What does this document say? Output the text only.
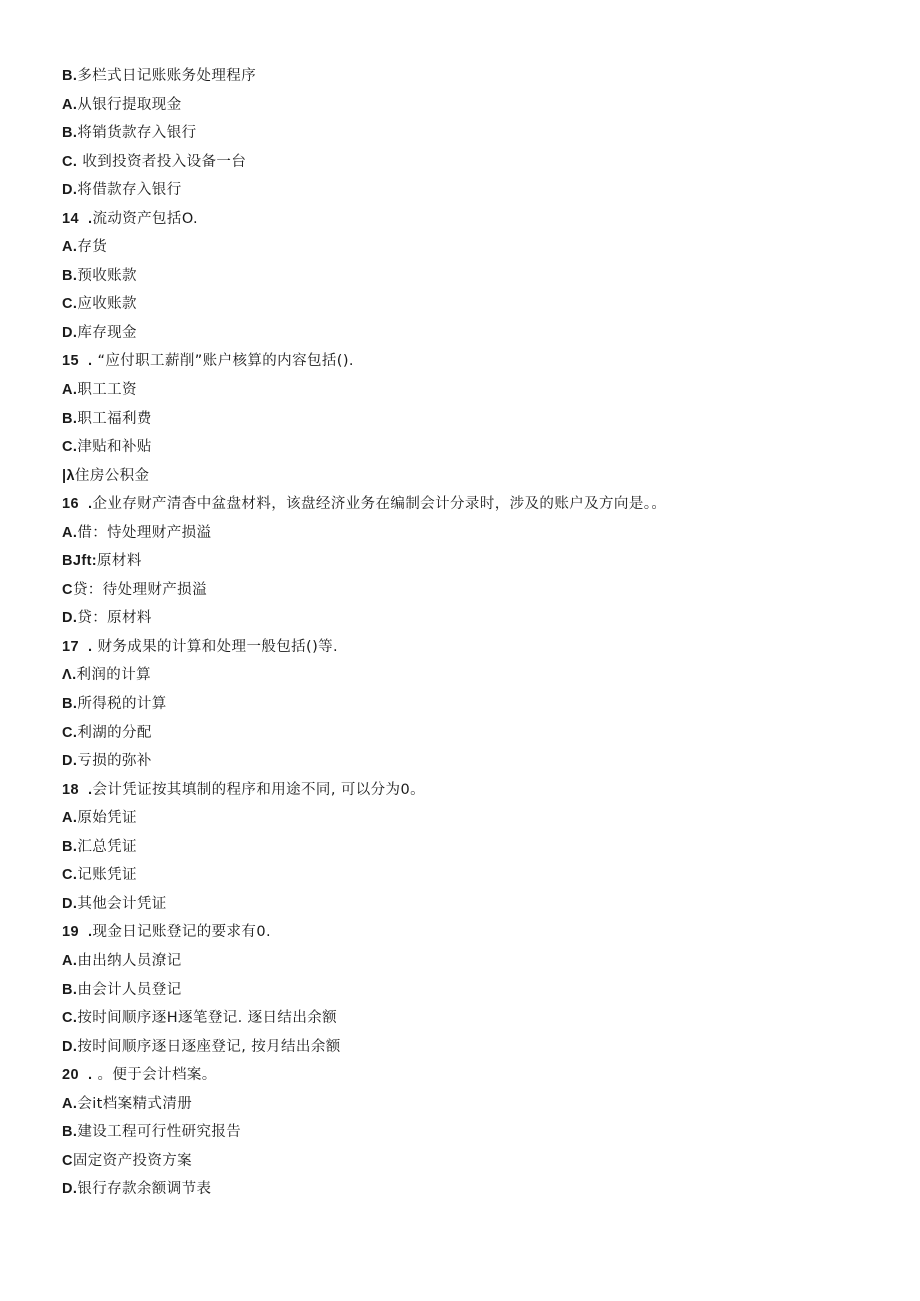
B.多栏式日记账账务处理程序
A.从银行提取现金
B.将销货款存入银行
C. 收到投资者投入设备一台
D.将借款存入银行
14 .流动资产包括O.
A.存货
B.预收账款
C.应收账款
D.库存现金
15 . “应付职工薪削”账户核算的内容包括().
A.职工工资
B.职工福利费
C.津贴和补贴
|λ住房公积金
16 .企业存财产清杳中盆盘材料，该盘经济业务在编制会计分录时，涉及的账户及方向是。。
A.借：恃处理财产损溢
BJft:原材料
C贷：待处理财产损溢
D.贷：原材料
17 . 财务成果的计算和处理一般包括()等.
Λ.利润的计算
B.所得税的计算
C.利湖的分配
D.亏损的弥补
18 .会计凭证按其填制的程序和用途不同, 可以分为0。
A.原始凭证
B.汇总凭证
C.记账凭证
D.其他会计凭证
19 .现金日记账登记的要求有0.
A.由出纳人员潦记
B.由会计人员登记
C.按时间顺序逐H逐笔登记. 逐日结出余额
D.按时间顺序逐日逐座登记, 按月结出余额
20 . 。便于会计档案。
A.会it档案精式清册
B.建设工程可行性研究报告
C固定资产投资方案
D.银行存款余额调节表
